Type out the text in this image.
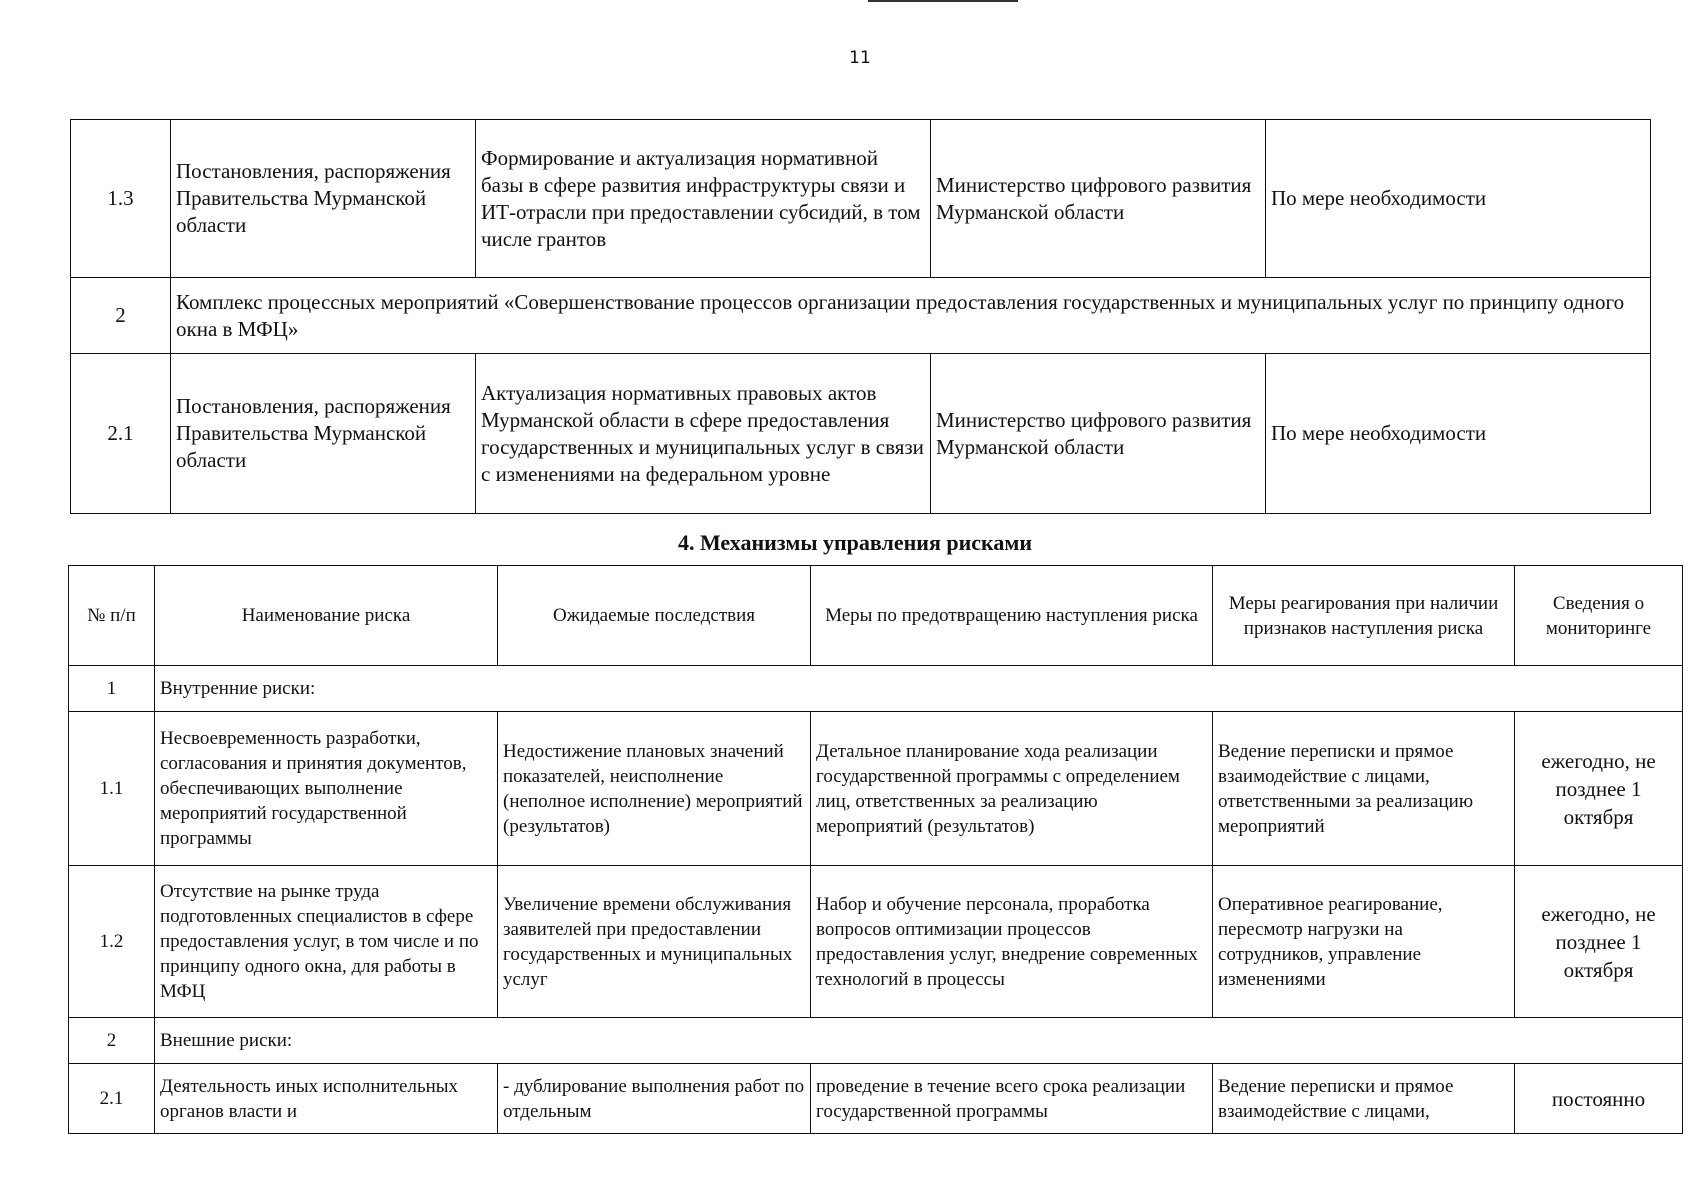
11
1.3	Постановления, распоряжения Правительства Мурманской области	Формирование и актуализация нормативной базы в сфере развития инфраструктуры связи и ИТ-отрасли при предоставлении субсидий, в том числе грантов	Министерство цифрового развития Мурманской области	По мере необходимости
2	Комплекс процессных мероприятий «Совершенствование процессов организации предоставления государственных и муниципальных услуг по принципу одного окна в МФЦ»			
2.1	Постановления, распоряжения Правительства Мурманской области	Актуализация нормативных правовых актов Мурманской области в сфере предоставления государственных и муниципальных услуг в связи с изменениями на федеральном уровне	Министерство цифрового развития Мурманской области	По мере необходимости
4. Механизмы управления рисками
№ п/п	Наименование риска	Ожидаемые последствия	Меры по предотвращению наступления риска	Меры реагирования при наличии признаков наступления риска	Сведения о мониторинге
1	Внутренние риски:				
1.1	Несвоевременность разработки, согласования и принятия документов, обеспечивающих выполнение мероприятий государственной программы	Недостижение плановых значений показателей, неисполнение (неполное исполнение) мероприятий (результатов)	Детальное планирование хода реализации государственной программы с определением лиц, ответственных за реализацию мероприятий (результатов)	Ведение переписки и прямое взаимодействие с лицами, ответственными за реализацию мероприятий	ежегодно, не позднее 1 октября
1.2	Отсутствие на рынке труда подготовленных специалистов в сфере предоставления услуг, в том числе и по принципу одного окна, для работы в МФЦ	Увеличение времени обслуживания заявителей при предоставлении государственных и муниципальных услуг	Набор и обучение персонала, проработка вопросов оптимизации процессов предоставления услуг, внедрение современных технологий в процессы	Оперативное реагирование, пересмотр нагрузки на сотрудников, управление изменениями	ежегодно, не позднее 1 октября
2	Внешние риски:				
2.1	Деятельность иных исполнительных органов власти и	- дублирование выполнения работ по отдельным	проведение в течение всего срока реализации государственной программы	Ведение переписки и прямое взаимодействие с лицами,	постоянно
